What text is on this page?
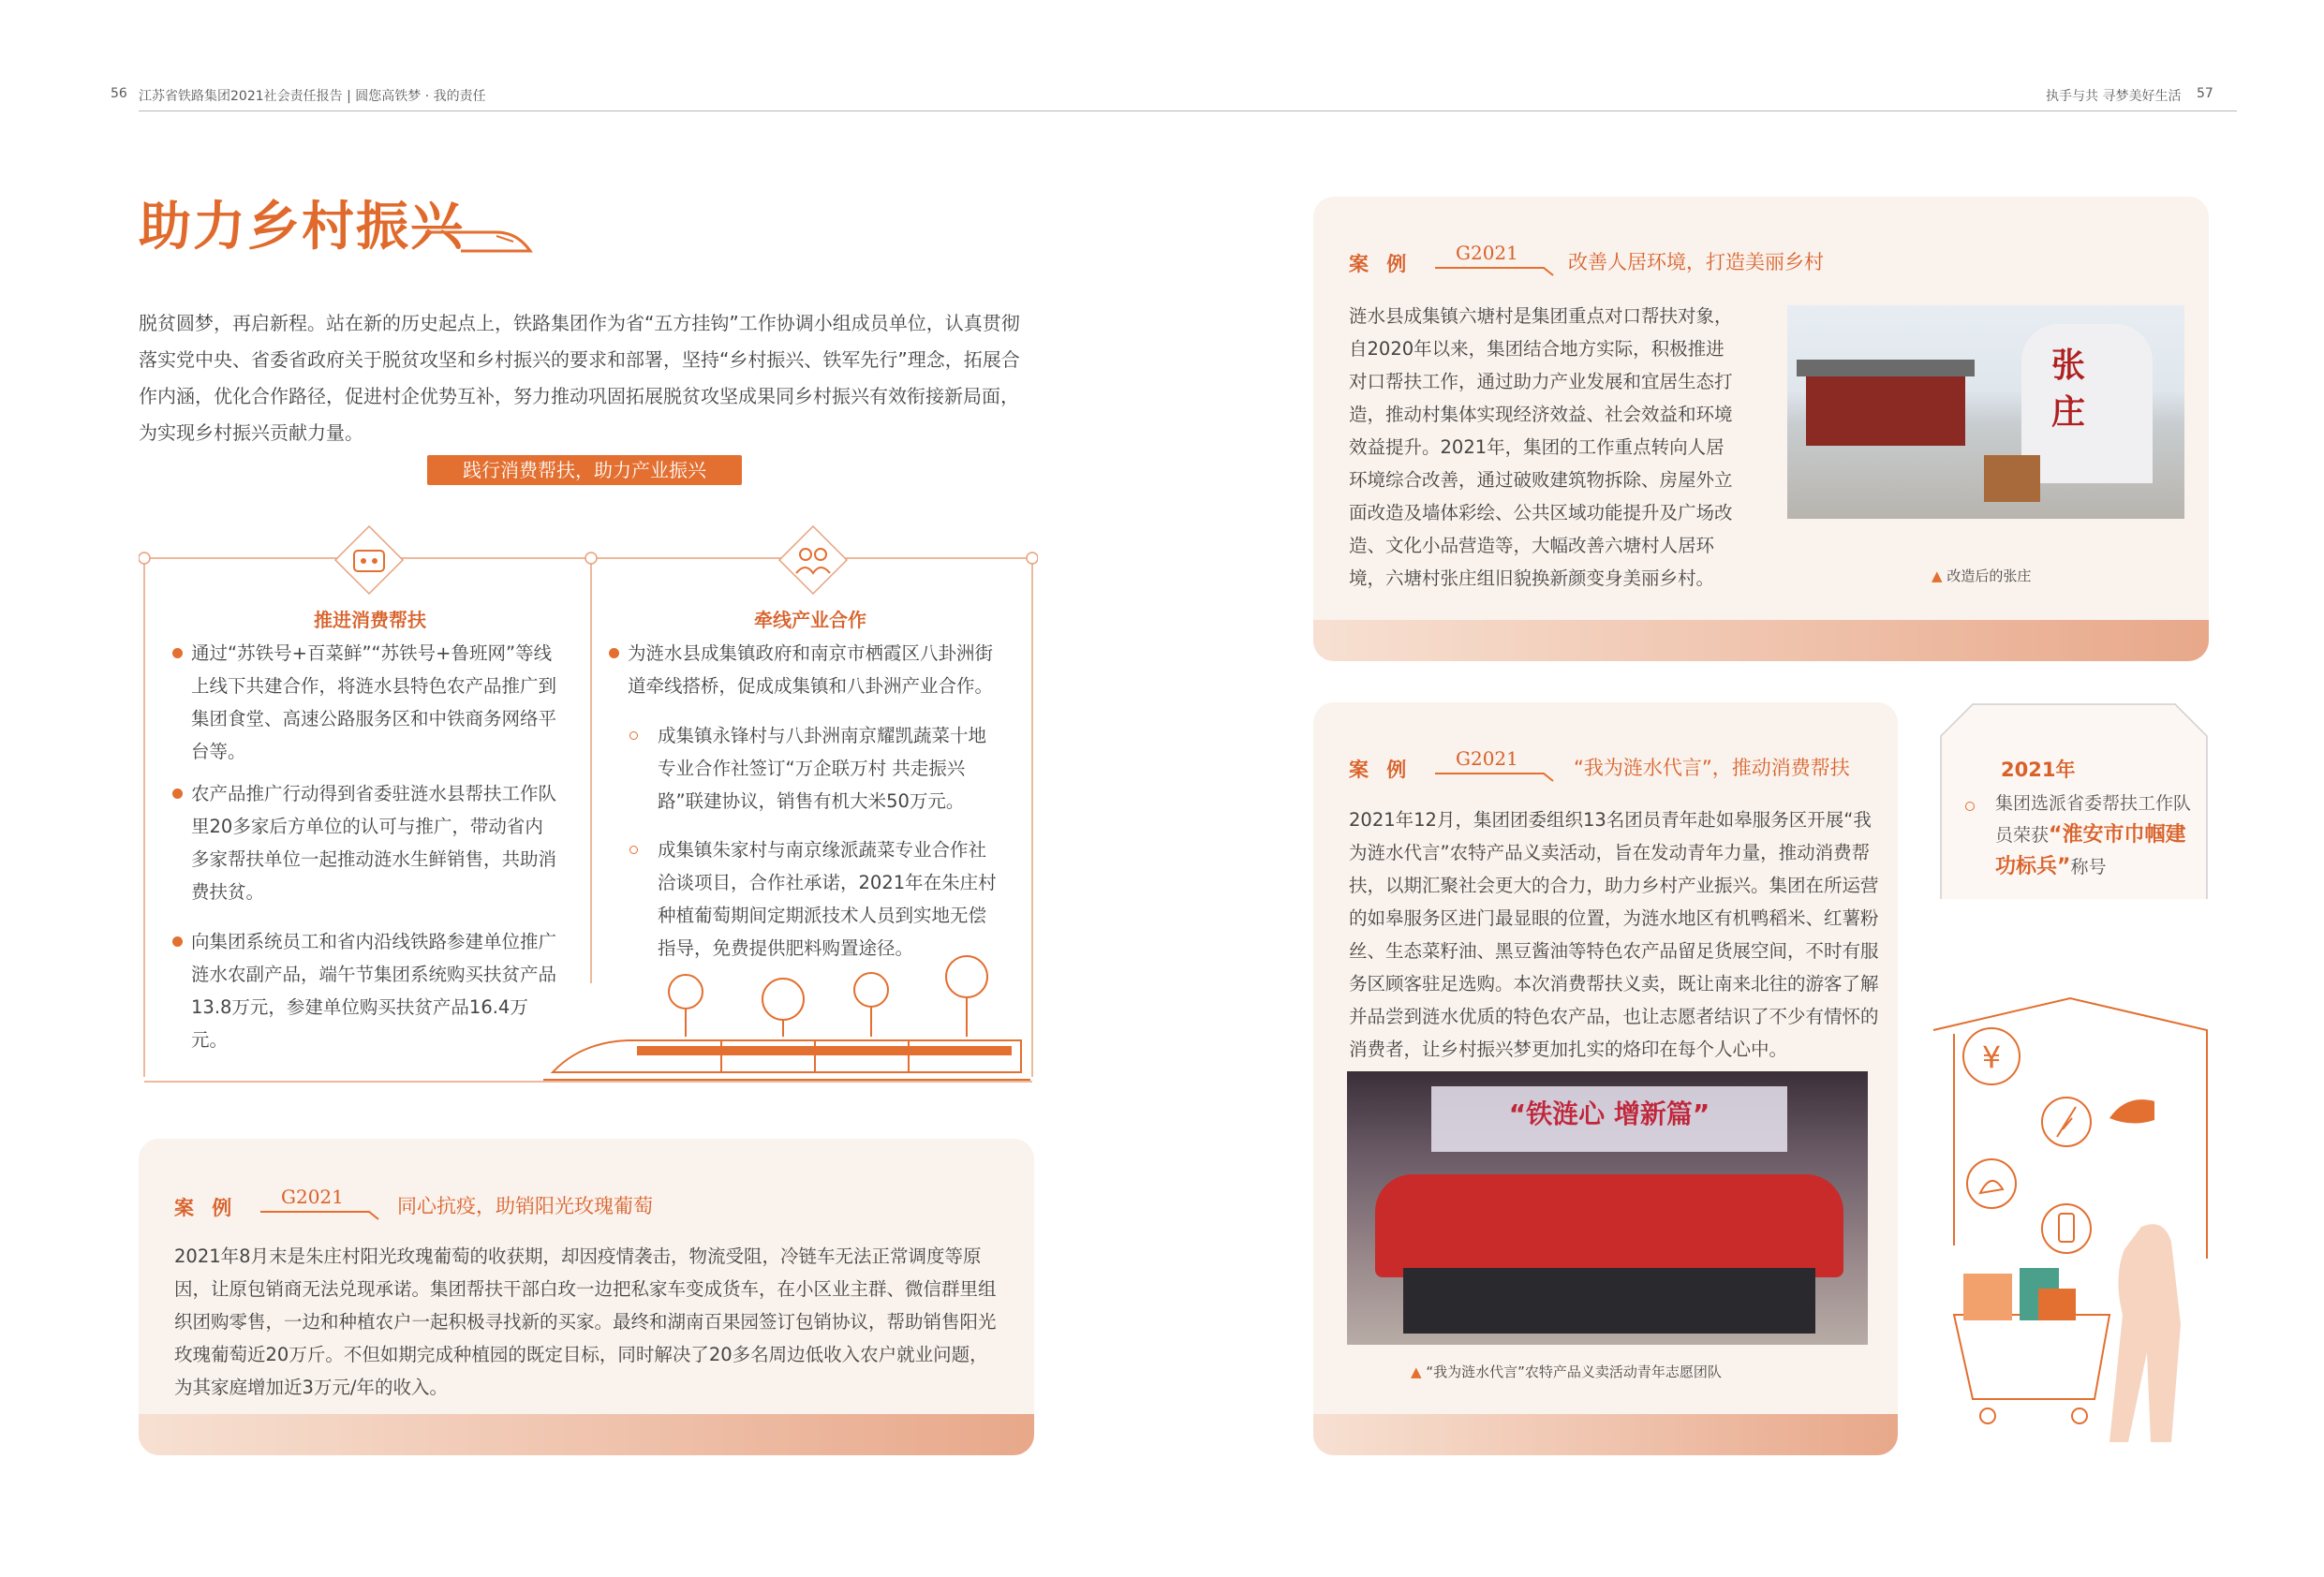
56 江苏省铁路集团2021社会责任报告 | 圆您高铁梦 · 我的责任	执手与共 寻梦美好生活 57
助力乡村振兴
脱贫圆梦，再启新程。站在新的历史起点上，铁路集团作为省“五方挂钩”工作协调小组成员单位，认真贯彻落实党中央、省委省政府关于脱贫攻坚和乡村振兴的要求和部署，坚持“乡村振兴、铁军先行”理念，拓展合作内涵，优化合作路径，促进村企优势互补，努力推动巩固拓展脱贫攻坚成果同乡村振兴有效衔接新局面，为实现乡村振兴贡献力量。
践行消费帮扶，助力产业振兴
推进消费帮扶
通过“苏铁号+百菜鲜”“苏铁号+鲁班网”等线上线下共建合作，将涟水县特色农产品推广到集团食堂、高速公路服务区和中铁商务网络平台等。
农产品推广行动得到省委驻涟水县帮扶工作队里20多家后方单位的认可与推广，带动省内多家帮扶单位一起推动涟水生鲜销售，共助消费扶贫。
向集团系统员工和省内沿线铁路参建单位推广涟水农副产品，端午节集团系统购买扶贫产品13.8万元，参建单位购买扶贫产品16.4万元。
牵线产业合作
为涟水县成集镇政府和南京市栖霞区八卦洲街道牵线搭桥，促成成集镇和八卦洲产业合作。
成集镇永锋村与八卦洲南京耀凯蔬菜十地专业合作社签订“万企联万村 共走振兴路”联建协议，销售有机大米50万元。
成集镇朱家村与南京缘派蔬菜专业合作社洽谈项目，合作社承诺，2021年在朱庄村种植葡萄期间定期派技术人员到实地无偿指导，免费提供肥料购置途径。
案 例 G2021	同心抗疫，助销阳光玫瑰葡萄
2021年8月末是朱庄村阳光玫瑰葡萄的收获期，却因疫情袭击，物流受阻，冷链车无法正常调度等原因，让原包销商无法兑现承诺。集团帮扶干部白玫一边把私家车变成货车，在小区业主群、微信群里组织团购零售，一边和种植农户一起积极寻找新的买家。最终和湖南百果园签订包销协议，帮助销售阳光玫瑰葡萄近20万斤。不但如期完成种植园的既定目标，同时解决了20多名周边低收入农户就业问题，为其家庭增加近3万元/年的收入。
案 例 G2021	改善人居环境，打造美丽乡村
涟水县成集镇六塘村是集团重点对口帮扶对象，自2020年以来，集团结合地方实际，积极推进对口帮扶工作，通过助力产业发展和宜居生态打造，推动村集体实现经济效益、社会效益和环境效益提升。2021年，集团的工作重点转向人居环境综合改善，通过破败建筑物拆除、房屋外立面改造及墙体彩绘、公共区域功能提升及广场改造、文化小品营造等，大幅改善六塘村人居环境，六塘村张庄组旧貌换新颜变身美丽乡村。
张庄
▲ 改造后的张庄
案 例 G2021	“我为涟水代言”，推动消费帮扶
2021年12月，集团团委组织13名团员青年赴如皋服务区开展“我为涟水代言”农特产品义卖活动，旨在发动青年力量，推动消费帮扶，以期汇聚社会更大的合力，助力乡村产业振兴。集团在所运营的如皋服务区进门最显眼的位置，为涟水地区有机鸭稻米、红薯粉丝、生态菜籽油、黑豆酱油等特色农产品留足货展空间，不时有服务区顾客驻足选购。本次消费帮扶义卖，既让南来北往的游客了解并品尝到涟水优质的特色农产品，也让志愿者结识了不少有情怀的消费者，让乡村振兴梦更加扎实的烙印在每个人心中。
“铁涟心 增新篇”
▲ “我为涟水代言”农特产品义卖活动青年志愿团队
2021年
集团选派省委帮扶工作队员荣获“淮安市巾帼建功标兵”称号
¥
